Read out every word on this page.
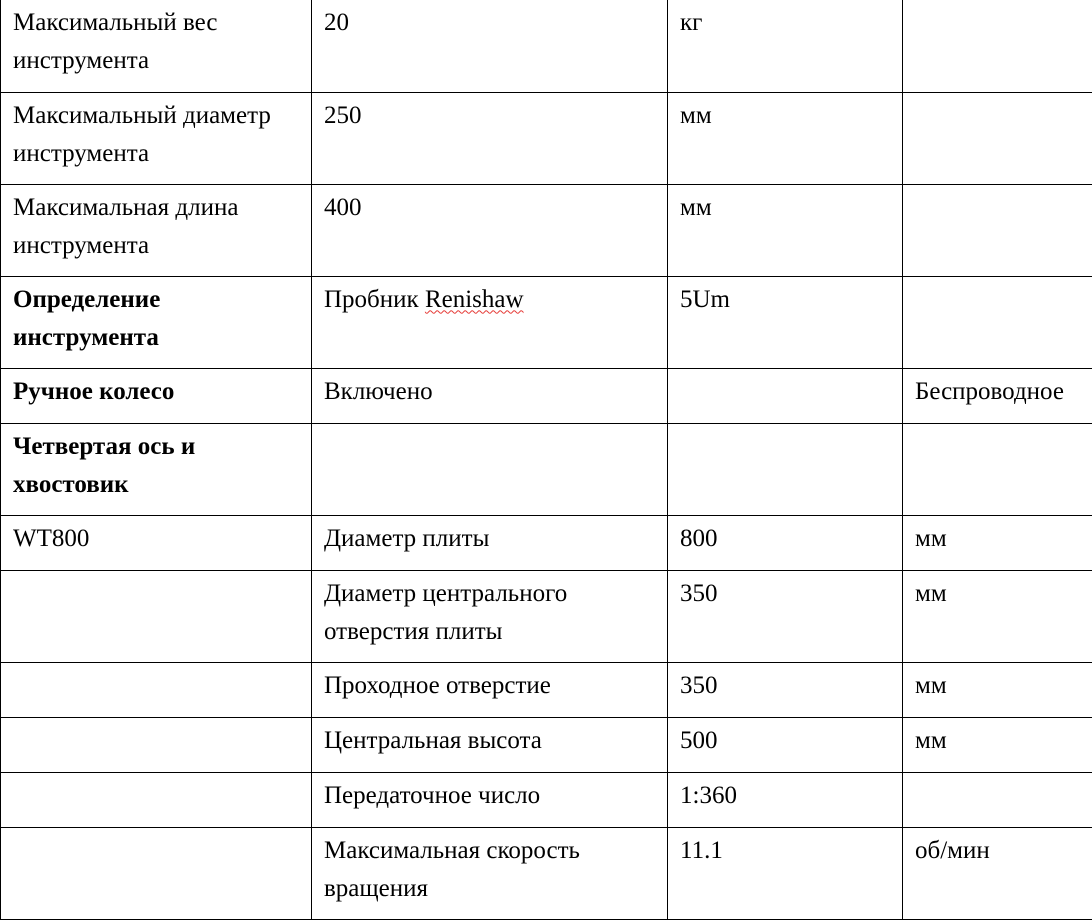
Максимальный вес инструмента	20	кг	
Максимальный диаметр инструмента	250	мм	
Максимальная длина инструмента	400	мм	
Определение инструмента	Пробник Renishaw	5Um	
Ручное колесо	Включено		Беспроводное
Четвертая ось и хвостовик			
WT800	Диаметр плиты	800	мм
	Диаметр центрального отверстия плиты	350	мм
	Проходное отверстие	350	мм
	Центральная высота	500	мм
	Передаточное число	1:360	
	Максимальная скорость вращения	11.1	об/мин
